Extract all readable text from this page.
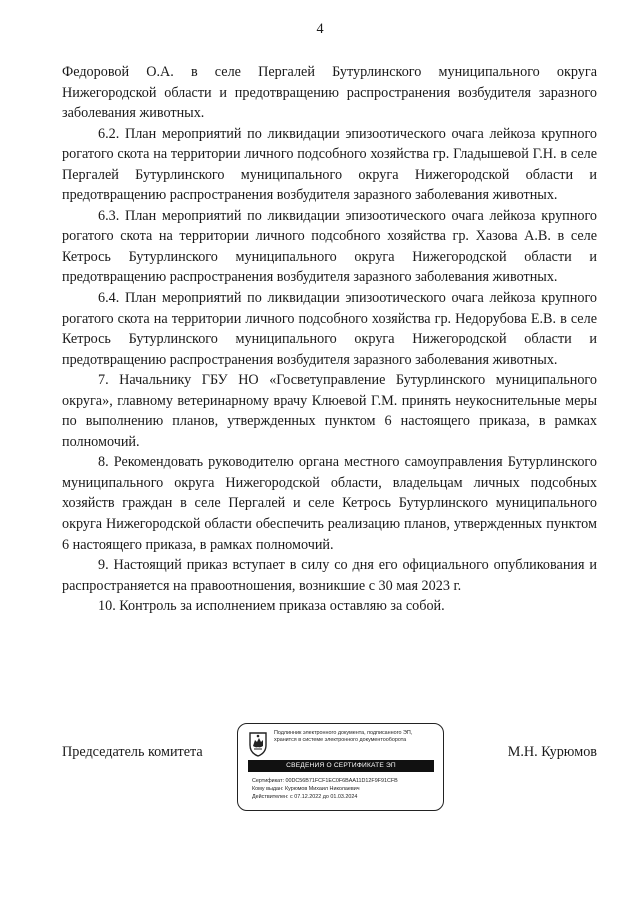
4

Федоровой О.А. в селе Пергалей Бутурлинского муниципального округа Нижегородской области и предотвращению распространения возбудителя заразного заболевания животных.

6.2. План мероприятий по ликвидации эпизоотического очага лейкоза крупного рогатого скота на территории личного подсобного хозяйства гр. Гладышевой Г.Н. в селе Пергалей Бутурлинского муниципального округа Нижегородской области и предотвращению распространения возбудителя заразного заболевания животных.

6.3. План мероприятий по ликвидации эпизоотического очага лейкоза крупного рогатого скота на территории личного подсобного хозяйства гр. Хазова А.В. в селе Кетрось Бутурлинского муниципального округа Нижегородской области и предотвращению распространения возбудителя заразного заболевания животных.

6.4. План мероприятий по ликвидации эпизоотического очага лейкоза крупного рогатого скота на территории личного подсобного хозяйства гр. Недорубова Е.В. в селе Кетрось Бутурлинского муниципального округа Нижегородской области и предотвращению распространения возбудителя заразного заболевания животных.

7. Начальнику ГБУ НО «Госветуправление Бутурлинского муниципального округа», главному ветеринарному врачу Клюевой Г.М. принять неукоснительные меры по выполнению планов, утвержденных пунктом 6 настоящего приказа, в рамках полномочий.

8. Рекомендовать руководителю органа местного самоуправления Бутурлинского муниципального округа Нижегородской области, владельцам личных подсобных хозяйств граждан в селе Пергалей и селе Кетрось Бутурлинского муниципального округа Нижегородской области обеспечить реализацию планов, утвержденных пунктом 6 настоящего приказа, в рамках полномочий.

9. Настоящий приказ вступает в силу со дня его официального опубликования и распространяется на правоотношения, возникшие с 30 мая 2023 г.

10. Контроль за исполнением приказа оставляю за собой.

Председатель комитета	М.Н. Курюмов
Подлинник электронного документа, подписанного ЭП,
хранится в системе электронного документооборота
СВЕДЕНИЯ О СЕРТИФИКАТЕ ЭП
Сертификат: 00DC56B71FCF1EC0F6BAA11D12F9F91CFB
Кому выдан: Курюмов Михаил Николаевич
Действителен: с 07.12.2022 до 01.03.2024
